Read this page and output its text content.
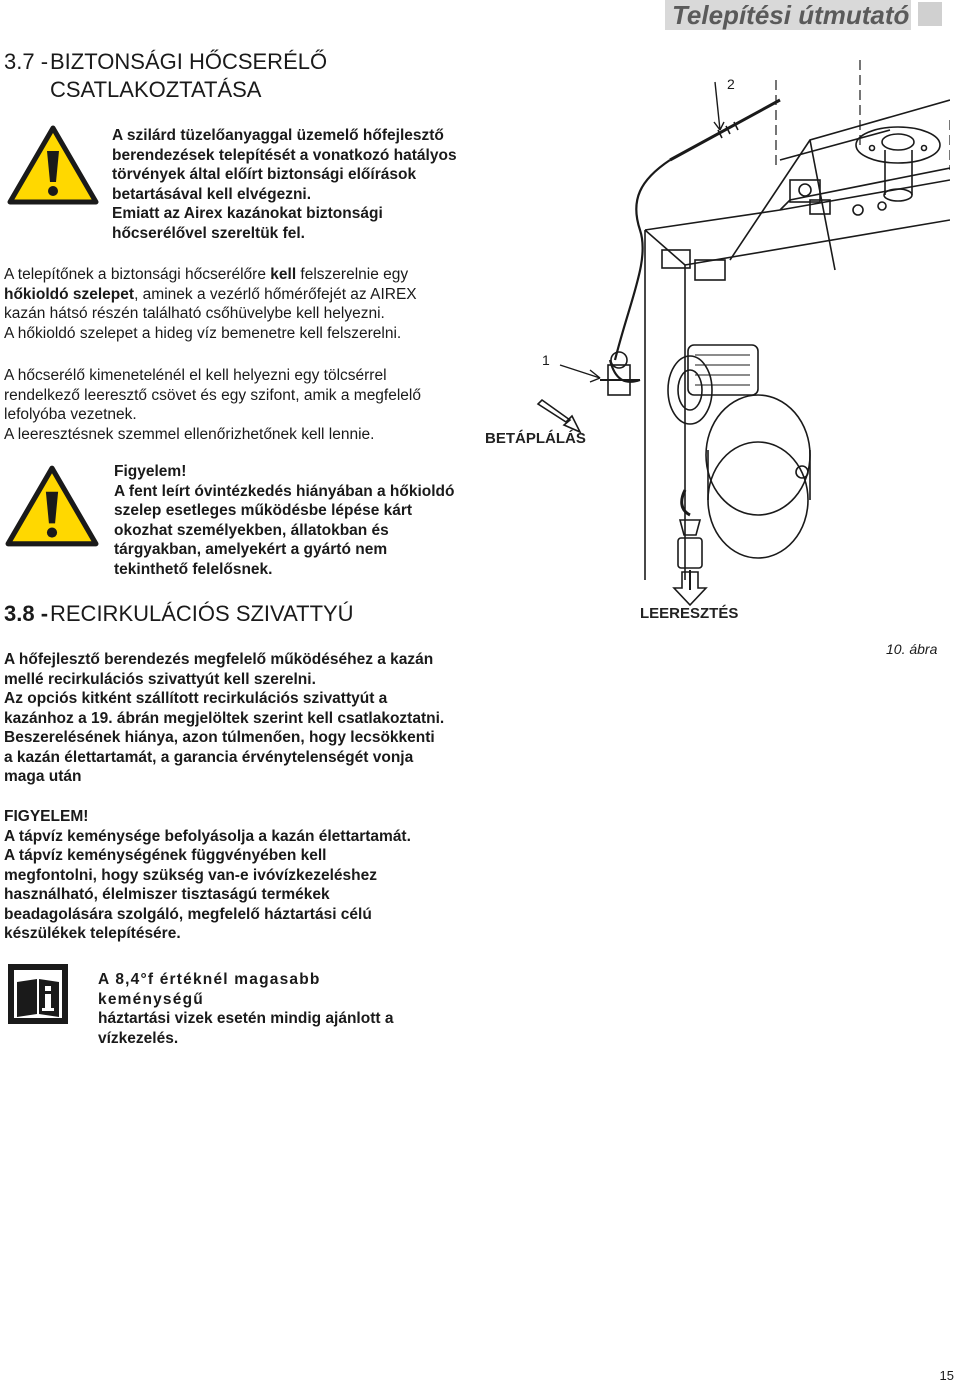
Telepítési útmutató
3.7 -BIZTONSÁGI HŐCSERÉLŐ
CSATLAKOZTATÁSA
A szilárd tüzelőanyaggal üzemelő hőfejlesztő
berendezések telepítését a vonatkozó hatályos
törvények által előírt biztonsági előírások
betartásával kell elvégezni.
Emiatt az Airex kazánokat biztonsági
hőcserélővel szereltük fel.
A telepítőnek a biztonsági hőcserélőre kell felszerelnie egy
hőkioldó szelepet, aminek a vezérlő hőmérőfejét az AIREX
kazán hátsó részén található csőhüvelybe kell helyezni.
A hőkioldó szelepet a hideg víz bemenetre kell felszerelni.
A hőcserélő kimenetelénél el kell helyezni egy tölcsérrel
rendelkező leeresztő csövet és egy szifont, amik a megfelelő
lefolyóba vezetnek.
A leeresztésnek szemmel ellenőrizhetőnek kell lennie.
Figyelem!
A fent leírt óvintézkedés hiányában a hőkioldó
szelep esetleges működésbe lépése kárt
okozhat személyekben, állatokban és
tárgyakban, amelyekért a gyártó nem
tekinthető felelősnek.
3.8 -RECIRKULÁCIÓS SZIVATTYÚ
A hőfejlesztő berendezés megfelelő működéséhez a kazán
mellé recirkulációs szivattyút kell szerelni.
Az opciós kitként szállított recirkulációs szivattyút a
kazánhoz a 19. ábrán megjelöltek szerint kell csatlakoztatni.
Beszerelésének hiánya, azon túlmenően, hogy lecsökkenti
a kazán élettartamát, a garancia érvénytelenségét vonja
maga után
FIGYELEM!
A tápvíz keménysége befolyásolja a kazán élettartamát.
A tápvíz keménységének függvényében kell
megfontolni, hogy szükség van-e ivóvízkezeléshez
használható, élelmiszer tisztaságú termékek
beadagolására szolgáló, megfelelő háztartási célú
készülékek telepítésére.
A 8,4°f értéknél magasabb keménységű
háztartási vizek esetén mindig ajánlott a
vízkezelés.
2
1
BETÁPLÁLÁS
LEERESZTÉS
10. ábra
15
